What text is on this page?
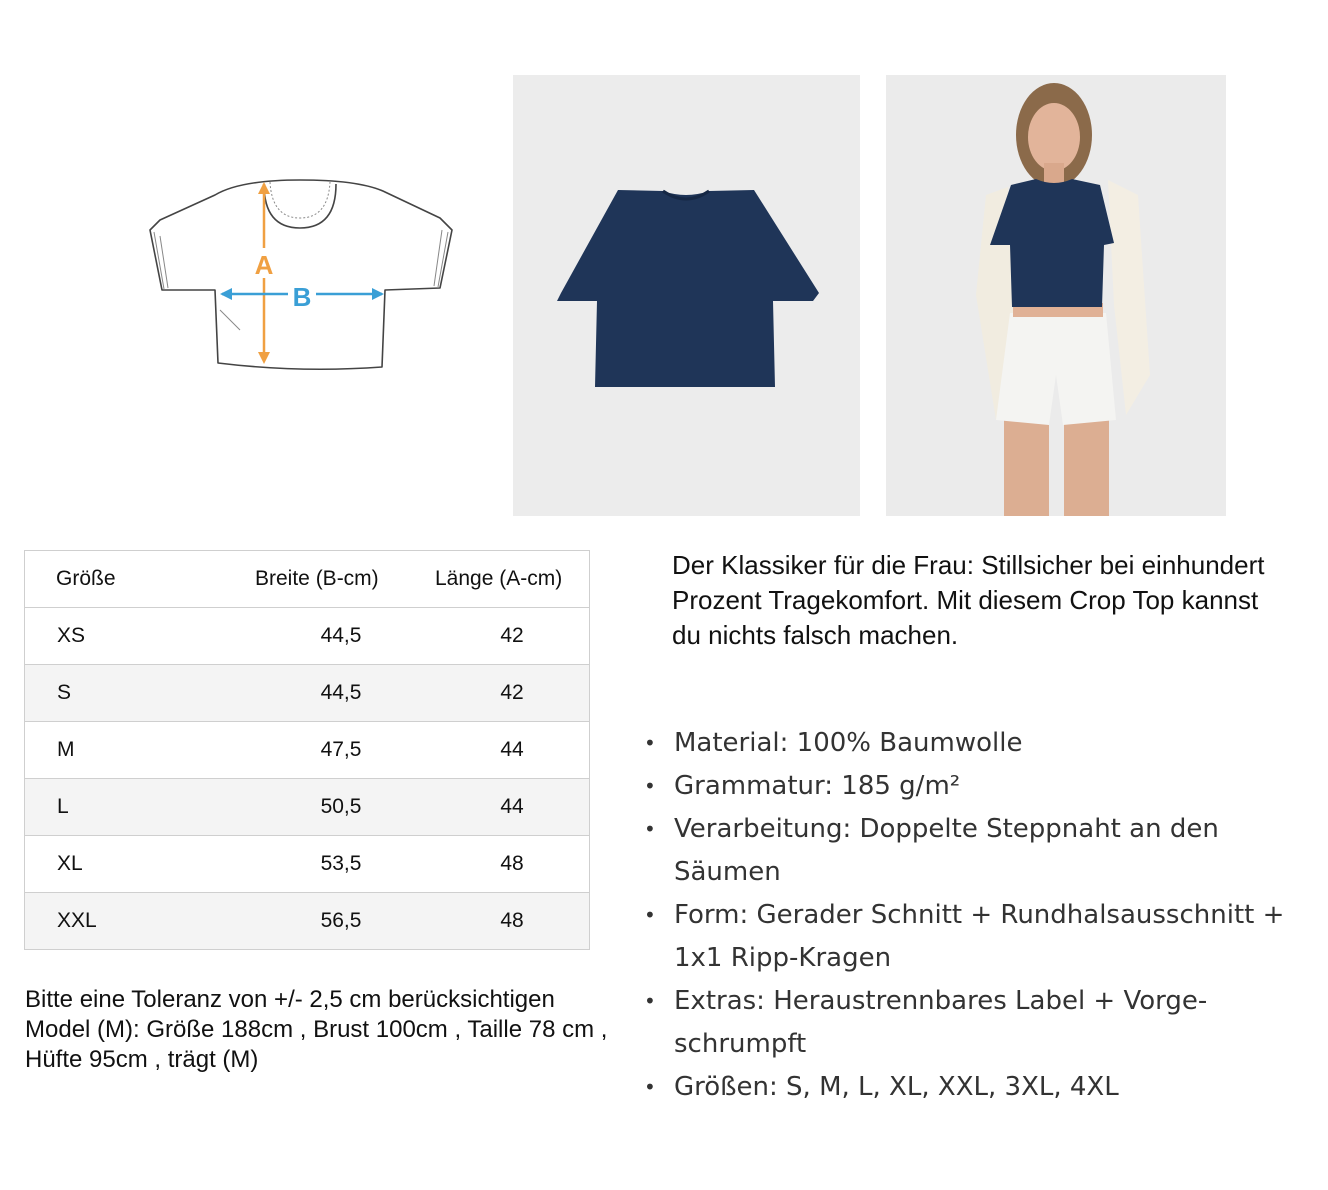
A
B
Größe	Breite (B-cm)	Länge (A-cm)
XS	44,5	42
S	44,5	42
M	47,5	44
L	50,5	44
XL	53,5	48
XXL	56,5	48
Bitte eine Toleranz von +/- 2,5 cm berücksichtigen
Model (M): Größe 188cm , Brust 100cm , Taille 78 cm , Hüfte 95cm , trägt (M)
Der Klassiker für die Frau: Stillsicher bei einhundert Prozent Tragekomfort. Mit diesem Crop Top kannst du nichts falsch machen.
• Material: 100% Baumwolle
• Grammatur: 185 g/m²
• Verarbeitung: Doppelte Steppnaht an den Säumen
• Form: Gerader Schnitt + Rundhalsausschnitt + 1x1 Ripp-Kragen
• Extras: Heraustrennbares Label + Vorge-schrumpft
• Größen: S, M, L, XL, XXL, 3XL, 4XL
